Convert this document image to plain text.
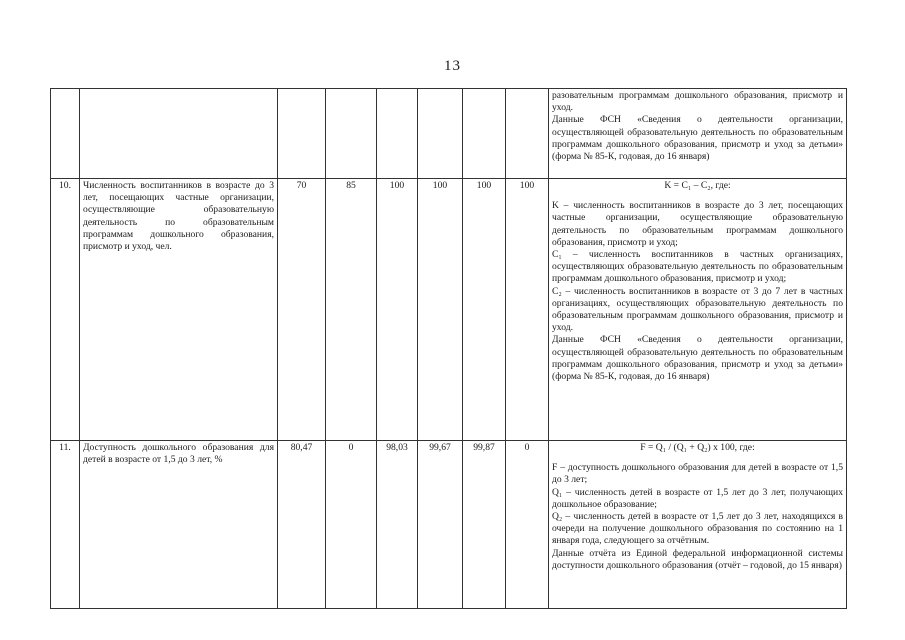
13

								разовательным программам дошкольного образования, присмотр и уход.
Данные ФСН «Сведения о деятельности организации, осуществляющей образовательную деятельность по образовательным программам дошкольного образования, присмотр и уход за детьми» (форма № 85-К, годовая, до 16 января)

10.	Численность воспитанников в возрасте до 3 лет, посещающих частные организации, осуществляющие образовательную деятельность по образовательным программам дошкольного образования, присмотр и уход, чел.	70	85	100	100	100	100	K = C₁ – C₂, где:
K – численность воспитанников в возрасте до 3 лет, посещающих частные организации, осуществляющие образовательную деятельность по образовательным программам дошкольного образования, присмотр и уход;
C₁ – численность воспитанников в частных организациях, осуществляющих образовательную деятельность по образовательным программам дошкольного образования, присмотр и уход;
C₂ – численность воспитанников в возрасте от 3 до 7 лет в частных организациях, осуществляющих образовательную деятельность по образовательным программам дошкольного образования, присмотр и уход.
Данные ФСН «Сведения о деятельности организации, осуществляющей образовательную деятельность по образовательным программам дошкольного образования, присмотр и уход за детьми» (форма № 85-К, годовая, до 16 января)

11.	Доступность дошкольного образования для детей в возрасте от 1,5 до 3 лет, %	80,47	0	98,03	99,67	99,87	0	F = Q₁ / (Q₁ + Q₂) x 100, где:
F – доступность дошкольного образования для детей в возрасте от 1,5 до 3 лет;
Q₁ – численность детей в возрасте от 1,5 лет до 3 лет, получающих дошкольное образование;
Q₂ – численность детей в возрасте от 1,5 лет до 3 лет, находящихся в очереди на получение дошкольного образования по состоянию на 1 января года, следующего за отчётным.
Данные отчёта из Единой федеральной информационной системы доступности дошкольного образования (отчёт – годовой, до 15 января)
